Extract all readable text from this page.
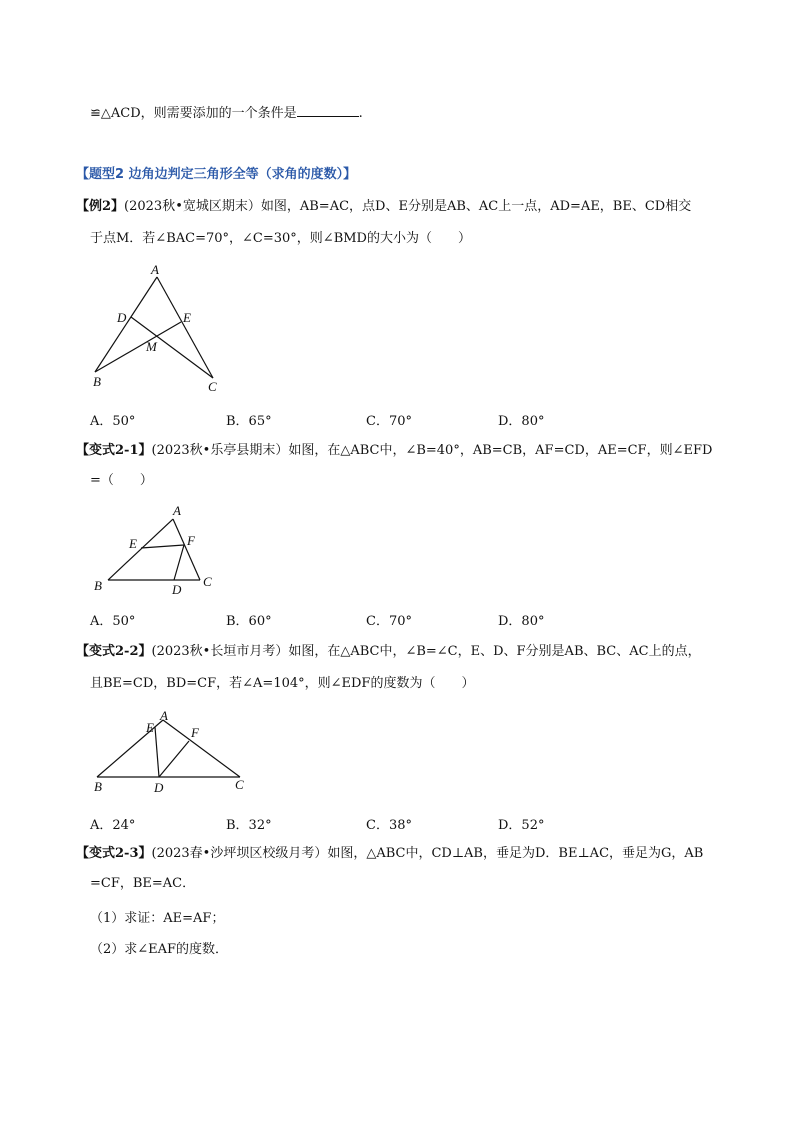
≌△ACD，则需要添加的一个条件是	.
【题型2 边角边判定三角形全等（求角的度数）】
【例2】(2023秋•宽城区期末）如图，AB=AC，点D、E分别是AB、AC上一点，AD=AE，BE、CD相交
于点M．若∠BAC=70°，∠C=30°，则∠BMD的大小为（　　）
A
D	E
M
B	C
A
E	F
B	D
C
E
A
F
B	D	C
A．50°	B．65°	C．70°	D．80°
【变式2-1】(2023秋•乐亭县期末）如图，在△ABC中，∠B=40°，AB=CB，AF=CD，AE=CF，则∠EFD
=（　　）
A．50°	B．60°	C．70°	D．80°
【变式2-2】(2023秋•长垣市月考）如图，在△ABC中，∠B=∠C，E、D、F分别是AB、BC、AC上的点，
且BE=CD，BD=CF，若∠A=104°，则∠EDF的度数为（　　）
A．24°	B．32°	C．38°	D．52°
【变式2-3】(2023春•沙坪坝区校级月考）如图，△ABC中，CD⊥AB，垂足为D．BE⊥AC，垂足为G，AB
=CF，BE=AC．
（1）求证：AE=AF；
（2）求∠EAF的度数．
